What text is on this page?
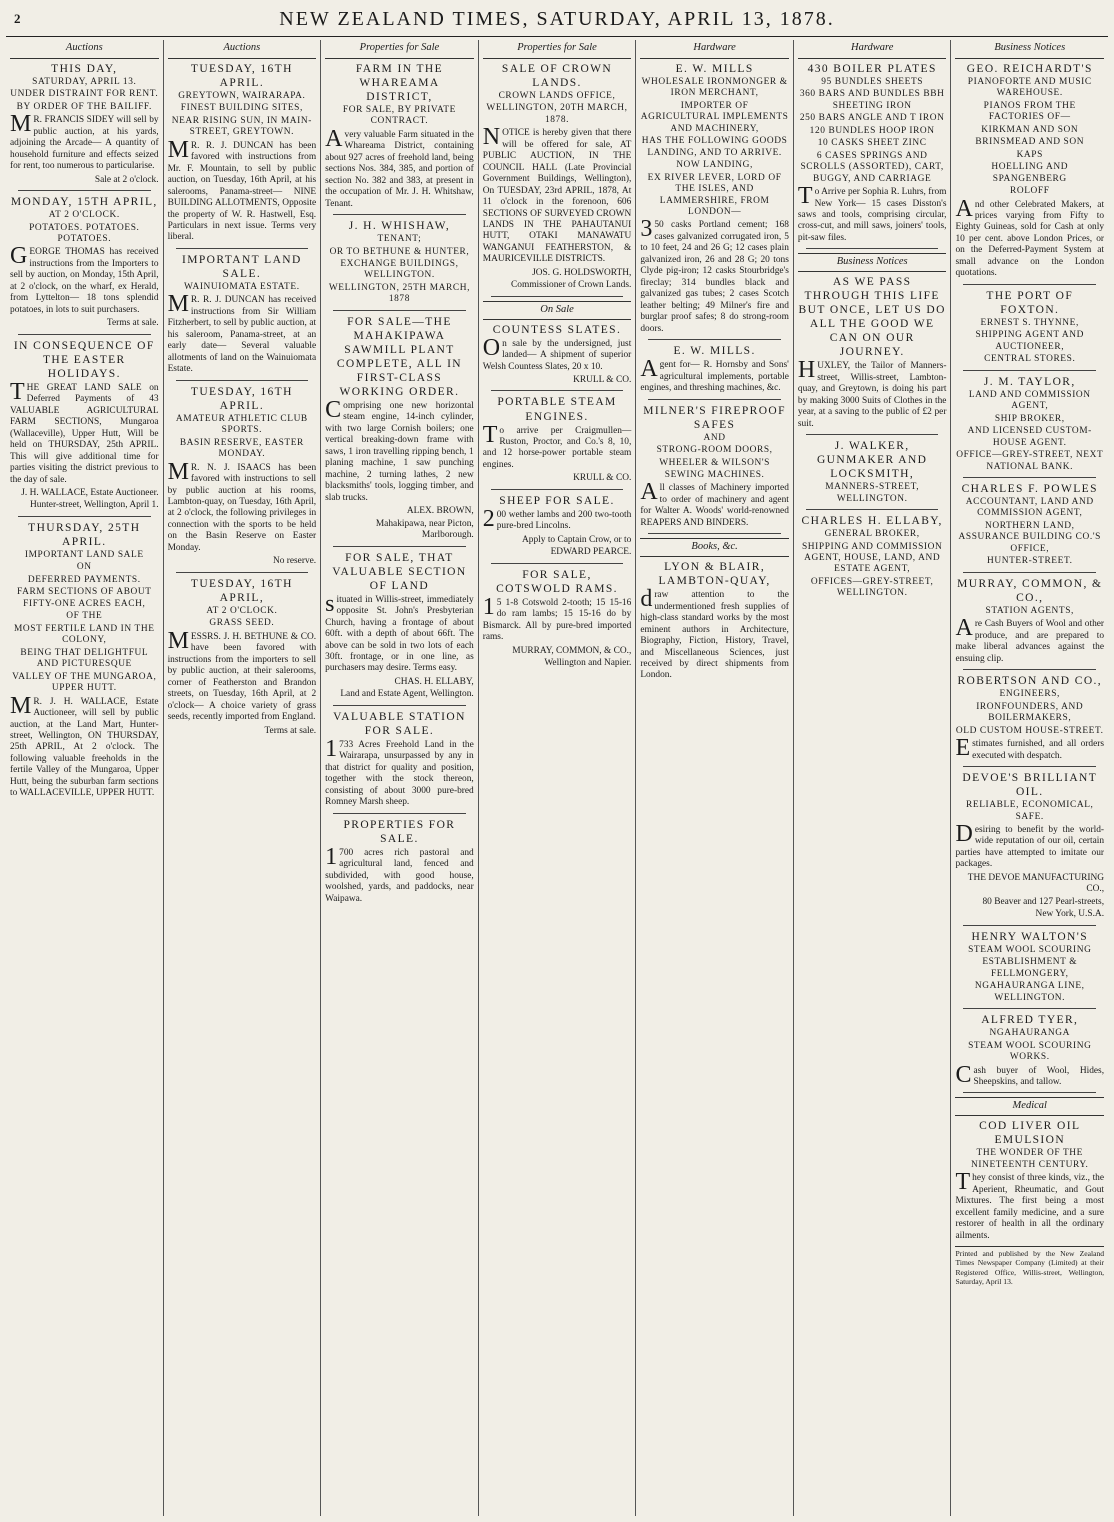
2	NEW ZEALAND TIMES, SATURDAY, APRIL 13, 1878.
Auctions
THIS DAY,
SATURDAY, APRIL 13.
UNDER DISTRAINT FOR RENT.
BY ORDER OF THE BAILIFF.

MR. FRANCIS SIDEY will sell by public auction, at his yards, adjoining the Arcade— A quantity of household furniture and effects seized for rent, too numerous to particularise.

Sale at 2 o'clock.
MONDAY, 15TH APRIL,
AT 2 O'CLOCK.
POTATOES. POTATOES. POTATOES.

GEORGE THOMAS has received instructions from the Importers to sell by auction, on Monday, 15th April, at 2 o'clock, on the wharf, ex Herald, from Lyttelton— 18 tons splendid potatoes, in lots to suit purchasers.

Terms at sale.
IN CONSEQUENCE OF THE EASTER HOLIDAYS.

THE GREAT LAND SALE on Deferred Payments of 43 VALUABLE AGRICULTURAL FARM SECTIONS, Mungaroa (Wallaceville), Upper Hutt, Will be held on THURSDAY, 25th APRIL. This will give additional time for parties visiting the district previous to the day of sale.

J. H. WALLACE, Estate Auctioneer.
Hunter-street, Wellington, April 1.
THURSDAY, 25TH APRIL.
IMPORTANT LAND SALE
ON
DEFERRED PAYMENTS.
FARM SECTIONS OF ABOUT FIFTY-ONE ACRES EACH,
OF THE
MOST FERTILE LAND IN THE COLONY,
BEING THAT DELIGHTFUL AND PICTURESQUE
VALLEY OF THE MUNGAROA, UPPER HUTT.

MR. J. H. WALLACE, Estate Auctioneer, will sell by public auction, at the Land Mart, Hunter-street, Wellington, ON THURSDAY, 25th APRIL, At 2 o'clock. The following valuable freeholds in the fertile Valley of the Mungaroa, Upper Hutt, being the suburban farm sections to WALLACEVILLE, UPPER HUTT.

Auctions
TUESDAY, 16TH APRIL.
GREYTOWN, WAIRARAPA.
FINEST BUILDING SITES,
NEAR RISING SUN, IN MAIN-STREET, GREYTOWN.

MR. R. J. DUNCAN has been favored with instructions from Mr. F. Mountain, to sell by public auction, on Tuesday, 16th April, at his salerooms, Panama-street— NINE BUILDING ALLOTMENTS, Opposite the property of W. R. Hastwell, Esq. Particulars in next issue. Terms very liberal.

IMPORTANT LAND SALE.
WAINUIOMATA ESTATE.

MR. R. J. DUNCAN has received instructions from Sir William Fitzherbert, to sell by public auction, at his saleroom, Panama-street, at an early date— Several valuable allotments of land on the Wainuiomata Estate.

TUESDAY, 16TH APRIL.
AMATEUR ATHLETIC CLUB SPORTS.
BASIN RESERVE, EASTER MONDAY.

MR. N. J. ISAACS has been favored with instructions to sell by public auction at his rooms, Lambton-quay, on Tuesday, 16th April, at 2 o'clock, the following privileges in connection with the sports to be held on the Basin Reserve on Easter Monday.

No reserve.
TUESDAY, 16TH APRIL,
AT 2 O'CLOCK.
GRASS SEED.

MESSRS. J. H. BETHUNE & CO. have been favored with instructions from the importers to sell by public auction, at their salerooms, corner of Featherston and Brandon streets, on Tuesday, 16th April, at 2 o'clock— A choice variety of grass seeds, recently imported from England.

Terms at sale.
Properties for Sale
FARM IN THE WHAREAMA DISTRICT,
FOR SALE, BY PRIVATE CONTRACT.

Avery valuable Farm situated in the Whareama District, containing about 927 acres of freehold land, being sections Nos. 384, 385, and portion of section No. 382 and 383, at present in the occupation of Mr. J. H. Whitshaw, Tenant.

J. H. WHISHAW,
TENANT;
OR TO BETHUNE & HUNTER,
EXCHANGE BUILDINGS, WELLINGTON.
WELLINGTON, 25TH MARCH, 1878
FOR SALE—THE MAHAKIPAWA SAWMILL PLANT COMPLETE, ALL IN FIRST-CLASS WORKING ORDER.

Comprising one new horizontal steam engine, 14-inch cylinder, with two large Cornish boilers; one vertical breaking-down frame with saws, 1 iron travelling ripping bench, 1 planing machine, 1 saw punching machine, 2 turning lathes, 2 new blacksmiths' tools, logging timber, and slab trucks.

ALEX. BROWN,
Mahakipawa, near Picton, Marlborough.
FOR SALE, THAT VALUABLE SECTION OF LAND

situated in Willis-street, immediately opposite St. John's Presbyterian Church, having a frontage of about 60ft. with a depth of about 66ft. The above can be sold in two lots of each 30ft. frontage, or in one line, as purchasers may desire. Terms easy.

CHAS. H. ELLABY,
Land and Estate Agent, Wellington.
VALUABLE STATION FOR SALE.

1733 Acres Freehold Land in the Wairarapa, unsurpassed by any in that district for quality and position, together with the stock thereon, consisting of about 3000 pure-bred Romney Marsh sheep.

PROPERTIES FOR SALE.

1700 acres rich pastoral and agricultural land, fenced and subdivided, with good house, woolshed, yards, and paddocks, near Waipawa.

Properties for Sale
SALE OF CROWN LANDS.
CROWN LANDS OFFICE,
WELLINGTON, 20TH MARCH, 1878.

NOTICE is hereby given that there will be offered for sale, AT PUBLIC AUCTION, IN THE COUNCIL HALL (Late Provincial Government Buildings, Wellington), On TUESDAY, 23rd APRIL, 1878, At 11 o'clock in the forenoon, 606 SECTIONS OF SURVEYED CROWN LANDS IN THE PAHAUTANUI HUTT, OTAKI MANAWATU WANGANUI FEATHERSTON, & MAURICEVILLE DISTRICTS.

JOS. G. HOLDSWORTH,
Commissioner of Crown Lands.
On Sale
COUNTESS SLATES.

On sale by the undersigned, just landed— A shipment of superior Welsh Countess Slates, 20 x 10.

KRULL & CO.
PORTABLE STEAM ENGINES.

To arrive per Craigmullen— Ruston, Proctor, and Co.'s 8, 10, and 12 horse-power portable steam engines.

KRULL & CO.
SHEEP FOR SALE.

200 wether lambs and 200 two-tooth pure-bred Lincolns.

Apply to Captain Crow, or to
EDWARD PEARCE.
FOR SALE, COTSWOLD RAMS.

15 1-8 Cotswold 2-tooth; 15 15-16 do ram lambs; 15 15-16 do by Bismarck. All by pure-bred imported rams.

MURRAY, COMMON, & CO.,
Wellington and Napier.
Hardware
E. W. MILLS
WHOLESALE IRONMONGER & IRON MERCHANT,
IMPORTER OF AGRICULTURAL IMPLEMENTS AND MACHINERY,
HAS THE FOLLOWING GOODS LANDING, AND TO ARRIVE.
NOW LANDING,
EX RIVER LEVER, LORD OF THE ISLES, AND LAMMERSHIRE, FROM LONDON—

350 casks Portland cement; 168 cases galvanized corrugated iron, 5 to 10 feet, 24 and 26 G; 12 cases plain galvanized iron, 26 and 28 G; 20 tons Clyde pig-iron; 12 casks Stourbridge's fireclay; 314 bundles black and galvanized gas tubes; 2 cases Scotch leather belting; 49 Milner's fire and burglar proof safes; 8 do strong-room doors.

E. W. MILLS.

Agent for— R. Hornsby and Sons' agricultural implements, portable engines, and threshing machines, &c.

MILNER'S FIREPROOF SAFES
AND
STRONG-ROOM DOORS,
WHEELER & WILSON'S
SEWING MACHINES.

All classes of Machinery imported to order of machinery and agent for Walter A. Woods' world-renowned REAPERS AND BINDERS.

Books, &c.
LYON & BLAIR, LAMBTON-QUAY,

draw attention to the undermentioned fresh supplies of high-class standard works by the most eminent authors in Architecture, Biography, Fiction, History, Travel, and Miscellaneous Sciences, just received by direct shipments from London.

Hardware
430 BOILER PLATES
95 BUNDLES SHEETS
360 BARS AND BUNDLES BBH SHEETING IRON
250 BARS ANGLE AND T IRON
120 BUNDLES HOOP IRON
10 CASKS SHEET ZINC
6 CASES SPRINGS AND SCROLLS (ASSORTED), CART, BUGGY, AND CARRIAGE

To Arrive per Sophia R. Luhrs, from New York— 15 cases Disston's saws and tools, comprising circular, cross-cut, and mill saws, joiners' tools, pit-saw files.

Business Notices
AS WE PASS THROUGH THIS LIFE BUT ONCE, LET US DO ALL THE GOOD WE CAN ON OUR JOURNEY.

HUXLEY, the Tailor of Manners-street, Willis-street, Lambton-quay, and Greytown, is doing his part by making 3000 Suits of Clothes in the year, at a saving to the public of £2 per suit.

J. WALKER, GUNMAKER AND LOCKSMITH,
MANNERS-STREET, WELLINGTON.
CHARLES H. ELLABY,
GENERAL BROKER,
SHIPPING AND COMMISSION AGENT, HOUSE, LAND, AND ESTATE AGENT,
OFFICES—GREY-STREET, WELLINGTON.
Business Notices
GEO. REICHARDT'S
PIANOFORTE AND MUSIC WAREHOUSE.
PIANOS FROM THE FACTORIES OF—
KIRKMAN AND SON
BRINSMEAD AND SON
KAPS
HOELLING AND SPANGENBERG
ROLOFF

And other Celebrated Makers, at prices varying from Fifty to Eighty Guineas, sold for Cash at only 10 per cent. above London Prices, or on the Deferred-Payment System at small advance on the London quotations.

THE PORT OF FOXTON.
ERNEST S. THYNNE,
SHIPPING AGENT AND AUCTIONEER,
CENTRAL STORES.
J. M. TAYLOR,
LAND AND COMMISSION AGENT,
SHIP BROKER,
AND LICENSED CUSTOM-HOUSE AGENT.
OFFICE—GREY-STREET, NEXT NATIONAL BANK.
CHARLES F. POWLES
ACCOUNTANT, LAND AND COMMISSION AGENT,
NORTHERN LAND, ASSURANCE BUILDING CO.'S OFFICE,
HUNTER-STREET.
MURRAY, COMMON, & CO.,
STATION AGENTS,

Are Cash Buyers of Wool and other produce, and are prepared to make liberal advances against the ensuing clip.

ROBERTSON AND CO.,
ENGINEERS,
IRONFOUNDERS, AND BOILERMAKERS,
OLD CUSTOM HOUSE-STREET.

Estimates furnished, and all orders executed with despatch.

DEVOE'S BRILLIANT OIL.
RELIABLE, ECONOMICAL, SAFE.

Desiring to benefit by the world-wide reputation of our oil, certain parties have attempted to imitate our packages.

THE DEVOE MANUFACTURING CO.,
80 Beaver and 127 Pearl-streets,
New York, U.S.A.
HENRY WALTON'S
STEAM WOOL SCOURING
ESTABLISHMENT & FELLMONGERY,
NGAHAURANGA LINE, WELLINGTON.
ALFRED TYER,
NGAHAURANGA
STEAM WOOL SCOURING WORKS.

Cash buyer of Wool, Hides, Sheepskins, and tallow.

Medical
COD LIVER OIL EMULSION
THE WONDER OF THE NINETEENTH CENTURY.

They consist of three kinds, viz., the Aperient, Rheumatic, and Gout Mixtures. The first being a most excellent family medicine, and a sure restorer of health in all the ordinary ailments.

Printed and published by the New Zealand Times Newspaper Company (Limited) at their Registered Office, Willis-street, Wellington, Saturday, April 13.
